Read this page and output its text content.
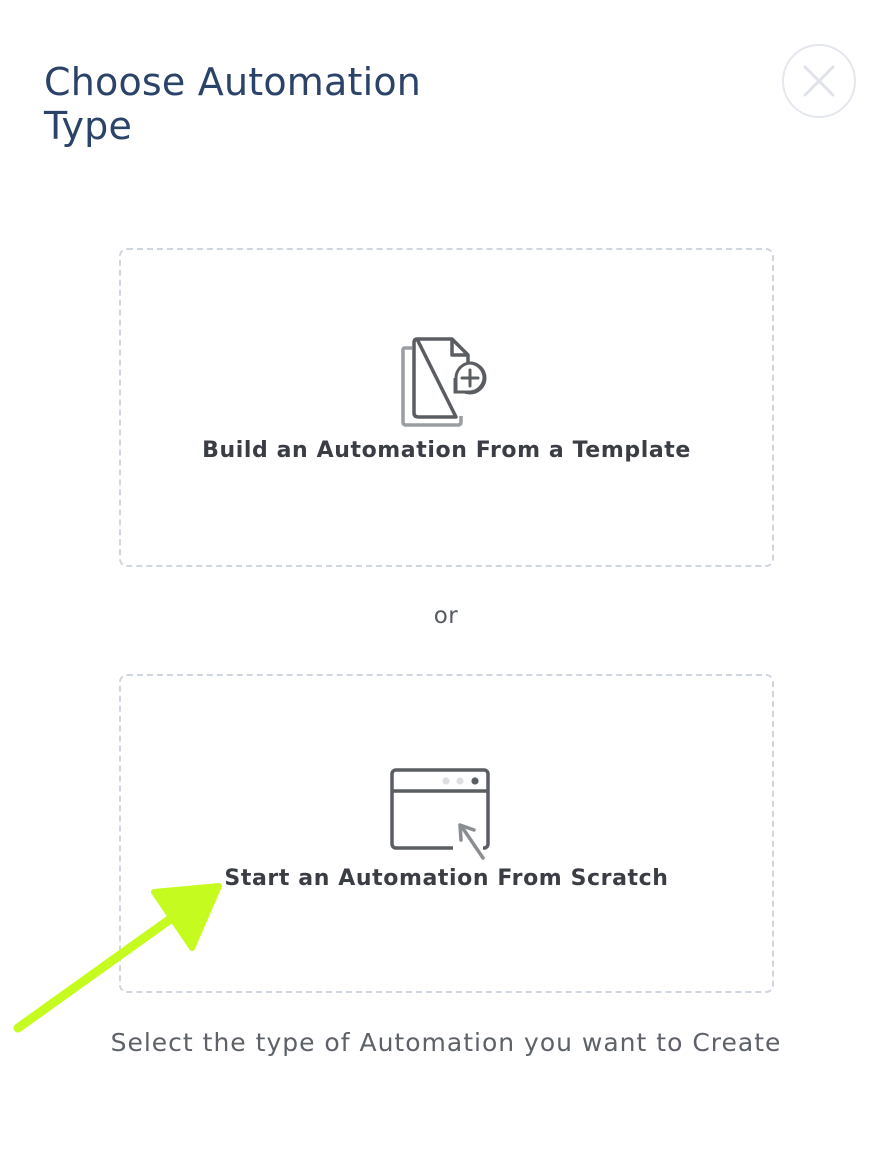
Choose Automation Type
Build an Automation From a Template
or
Start an Automation From Scratch
Select the type of Automation you want to Create
